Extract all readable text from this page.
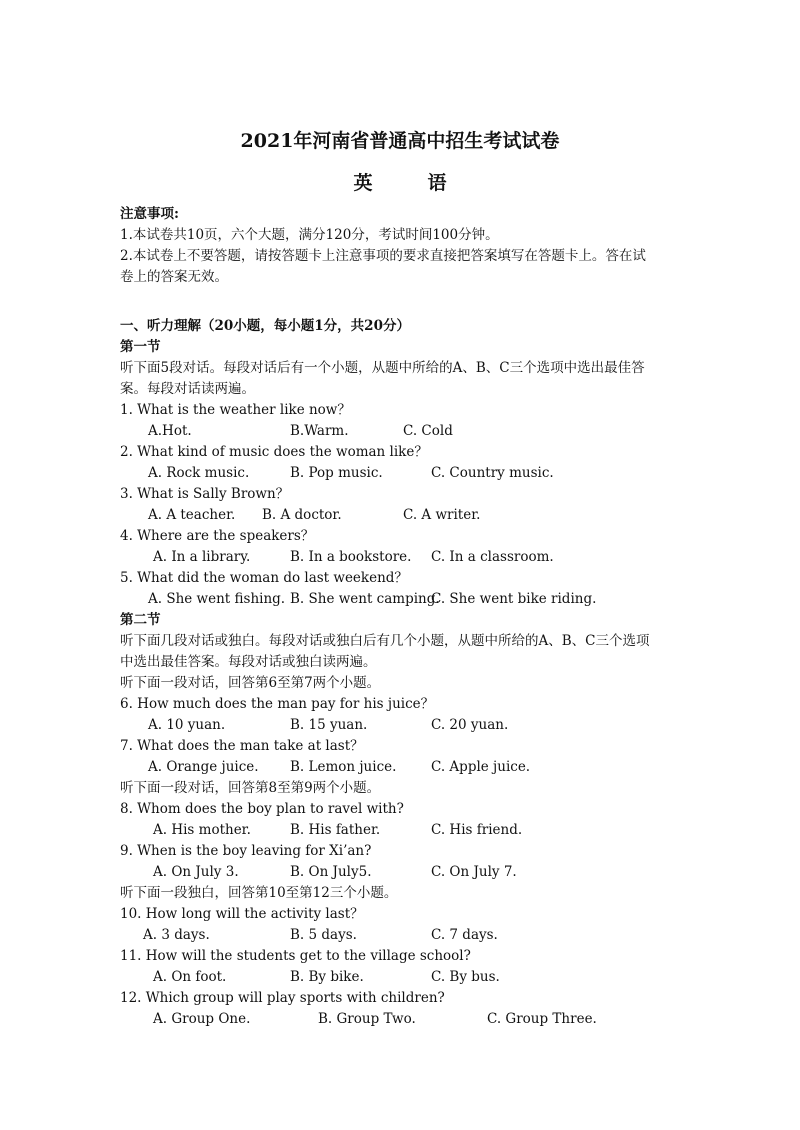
2021年河南省普通高中招生考试试卷
英　语
注意事项:
1.本试卷共10页，六个大题，满分120分，考试时间100分钟。
2.本试卷上不要答题，请按答题卡上注意事项的要求直接把答案填写在答题卡上。答在试
卷上的答案无效。
一、听力理解（20小题，每小题1分，共20分）
第一节
听下面5段对话。每段对话后有一个小题，从题中所给的A、B、C三个选项中选出最佳答
案。每段对话读两遍。
1. What is the weather like now？
A.Hot.	B.Warm.	C. Cold
2. What kind of music does the woman like？
A. Rock music.	B. Pop music.	C. Country music.
3. What is Sally Brown？
A. A teacher. B. A doctor.	C. A writer.
4. Where are the speakers？
A. In a library.	B. In a bookstore. C. In a classroom.
5. What did the woman do last weekend？
A. She went fishing. B. She went camping.
C. She went bike riding.
第二节
听下面几段对话或独白。每段对话或独白后有几个小题，从题中所给的A、B、C三个选项
中选出最佳答案。每段对话或独白读两遍。
听下面一段对话，回答第6至第7两个小题。
6. How much does the man pay for his juice？
A. 10 yuan.	B. 15 yuan.	C. 20 yuan.
7. What does the man take at last？
A. Orange juice. B. Lemon juice.	C. Apple juice.
听下面一段对话，回答第8至第9两个小题。
8. Whom does the boy plan to ravel with?
A. His mother.	B. His father.	C. His friend.
9. When is the boy leaving for Xi’an?
A. On July 3.	B. On July5.	C. On July 7.
听下面一段独白，回答第10至第12三个小题。
10. How long will the activity last？
A. 3 days.	B. 5 days.	C. 7 days.
11. How will the students get to the village school?
A. On foot.	B. By bike.	C. By bus.
12. Which group will play sports with children?
A. Group One.	B. Group Two.	C. Group Three.
